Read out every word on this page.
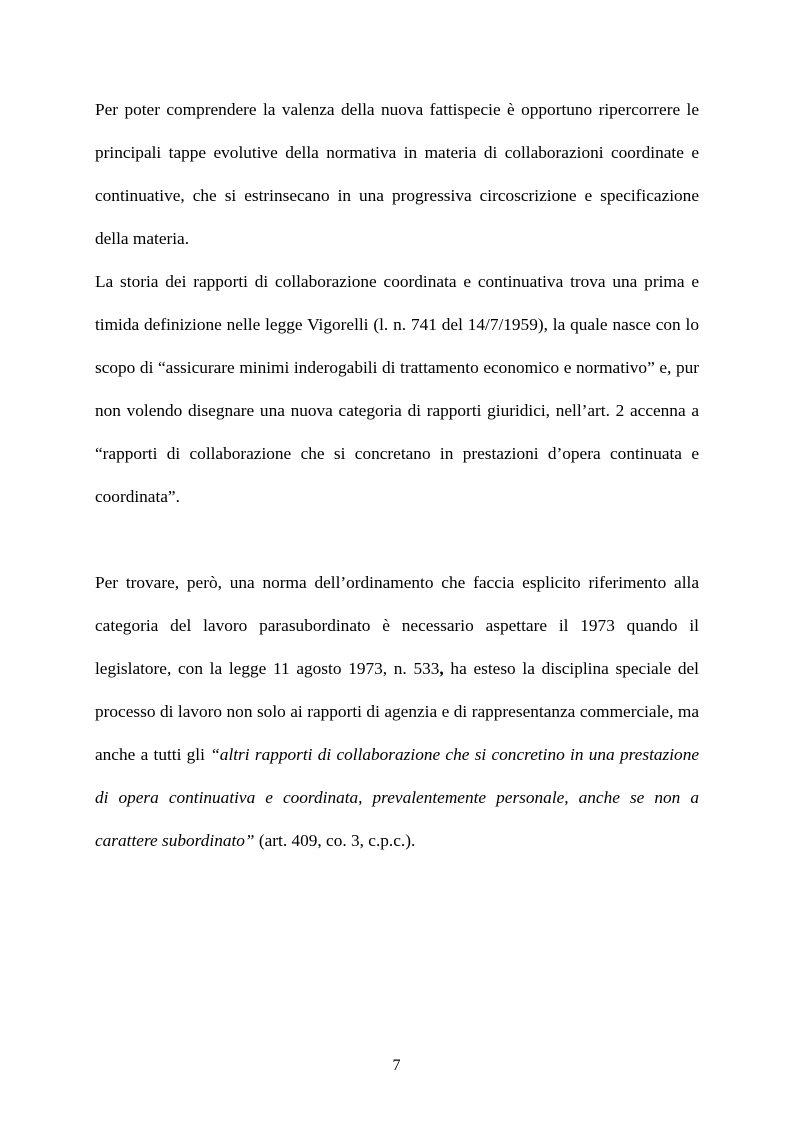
Per poter comprendere la valenza della nuova fattispecie è opportuno ripercorrere le principali tappe evolutive della normativa in materia di collaborazioni coordinate e continuative, che si estrinsecano in una progressiva circoscrizione e specificazione della materia.

La storia dei rapporti di collaborazione coordinata e continuativa trova una prima e timida definizione nelle legge Vigorelli (l. n. 741 del 14/7/1959), la quale nasce con lo scopo di “assicurare minimi inderogabili di trattamento economico e normativo” e, pur non volendo disegnare una nuova categoria di rapporti giuridici, nell’art. 2 accenna a “rapporti di collaborazione che si concretano in prestazioni d’opera continuata e coordinata”.

Per trovare, però, una norma dell’ordinamento che faccia esplicito riferimento alla categoria del lavoro parasubordinato è necessario aspettare il 1973 quando il legislatore, con la legge 11 agosto 1973, n. 533, ha esteso la disciplina speciale del processo di lavoro non solo ai rapporti di agenzia e di rappresentanza commerciale, ma anche a tutti gli “altri rapporti di collaborazione che si concretino in una prestazione di opera continuativa e coordinata, prevalentemente personale, anche se non a carattere subordinato” (art. 409, co. 3, c.p.c.).

7
